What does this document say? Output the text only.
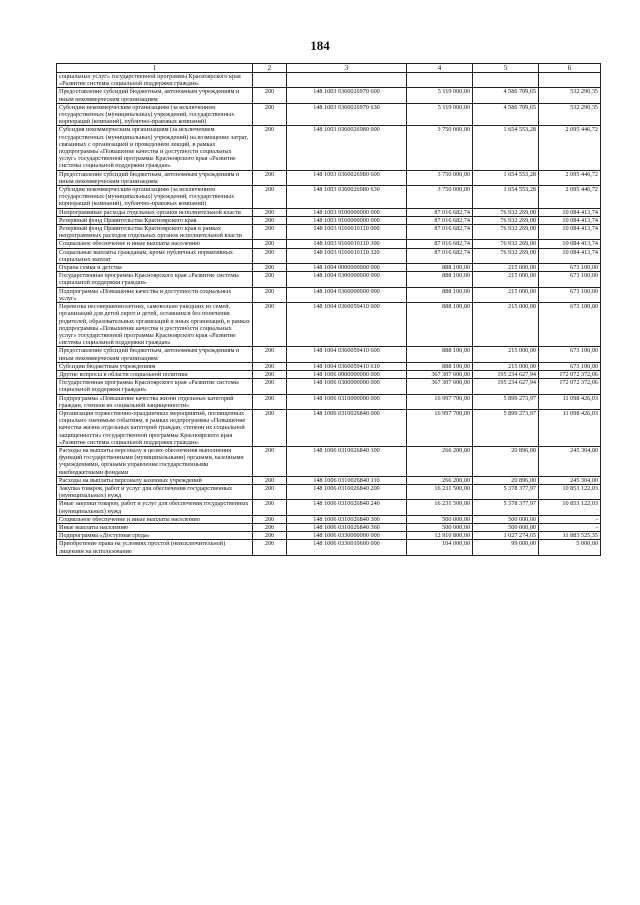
184
1	2	3	4	5	6
социальных услуг» государственной программы Красноярского края «Развитие системы социальной поддержки граждан»					
Предоставление субсидий бюджетным, автономным учреждениям и иным некоммерческим организациям	200	148 1003 0360026970 600	5 119 000,00	4 586 709,65	532 290,35
Субсидии некоммерческим организациям (за исключением государственных (муниципальных) учреждений, государственных корпораций (компаний), публично-правовых компаний)	200	148 1003 0360026970 630	5 119 000,00	4 586 709,65	532 290,35
Субсидия некоммерческим организациям (за исключением государственных (муниципальных) учреждений) на возмещение затрат, связанных с организацией и проведением лекций, в рамках подпрограммы «Повышение качества и доступности социальных услуг» государственной программы Красноярского края «Развитие системы социальной поддержки граждан»	200	148 1003 0360026980 000	3 750 000,00	1 654 553,28	2 095 446,72
Предоставление субсидий бюджетным, автономным учреждениям и иным некоммерческим организациям	200	148 1003 0360026980 600	3 750 000,00	1 654 553,28	2 095 446,72
Субсидии некоммерческим организациям (за исключением государственных (муниципальных) учреждений, государственных корпораций (компаний), публично-правовых компаний)	200	148 1003 0360026980 630	3 750 000,00	1 654 553,28	2 095 446,72
Непрограммные расходы отдельных органов исполнительной власти	200	148 1003 9100000000 000	87 016 682,74	76 932 269,00	10 084 413,74
Резервный фонд Правительства Красноярского края	200	148 1003 9160000000 000	87 016 682,74	76 932 269,00	10 084 413,74
Резервный фонд Правительства Красноярского края в рамках непрограммных расходов отдельных органов исполнительной власти	200	148 1003 9160010110 000	87 016 682,74	76 932 269,00	10 084 413,74
Социальное обеспечение и иные выплаты населению	200	148 1003 9160010110 300	87 016 682,74	76 932 269,00	10 084 413,74
Социальные выплаты гражданам, кроме публичных нормативных социальных выплат	200	148 1003 9160010110 320	87 016 682,74	76 932 269,00	10 084 413,74
Охрана семьи и детства	200	148 1004 0000000000 000	888 100,00	215 000,00	673 100,00
Государственная программа Красноярского края «Развитие системы социальной поддержки граждан»	200	148 1004 0300000000 000	888 100,00	215 000,00	673 100,00
Подпрограмма «Повышение качества и доступности социальных услуг»	200	148 1004 0360000000 000	888 100,00	215 000,00	673 100,00
Перевозка несовершеннолетних, самовольно ушедших из семей, организаций для детей сирот и детей, оставшихся без попечения родителей, образовательных организаций и иных организаций, в рамках подпрограммы «Повышение качества и доступности социальных услуг» государственной программы Красноярского края «Развитие системы социальной поддержки граждан»	200	148 1004 0360059410 000	888 100,00	215 000,00	673 100,00
Предоставление субсидий бюджетным, автономным учреждениям и иным некоммерческим организациям	200	148 1004 0360059410 600	888 100,00	215 000,00	673 100,00
Субсидии бюджетным учреждениям	200	148 1004 0360059410 610	888 100,00	215 000,00	673 100,00
Другие вопросы в области социальной политики	200	148 1006 0000000000 000	367 307 000,00	195 234 627,94	172 072 372,06
Государственная программа Красноярского края «Развитие системы социальной поддержки граждан»	200	148 1006 0300000000 000	367 307 000,00	195 234 627,94	172 072 372,06
Подпрограмма «Повышение качества жизни отдельных категорий граждан, степени их социальной защищенности»	200	148 1006 0310000000 000	16 997 700,00	5 899 273,97	11 098 426,03
Организация торжественно-праздничных мероприятий, посвященных социально значимым событиям, в рамках подпрограммы «Повышение качества жизни отдельных категорий граждан, степени их социальной защищенности» государственной программы Красноярского края «Развитие системы социальной поддержки граждан»	200	148 1006 0310026840 000	16 997 700,00	5 899 273,97	11 098 426,03
Расходы на выплаты персоналу в целях обеспечения выполнения функций государственными (муниципальными) органами, казенными учреждениями, органами управления государственными внебюджетными фондами	200	148 1006 0310026840 100	266 200,00	20 896,00	245 304,00
Расходы на выплаты персоналу казенных учреждений	200	148 1006 0310026840 110	266 200,00	20 896,00	245 304,00
Закупка товаров, работ и услуг для обеспечения государственных (муниципальных) нужд	200	148 1006 0310026840 200	16 231 500,00	5 378 377,97	10 853 122,03
Иные закупки товаров, работ и услуг для обеспечения государственных (муниципальных) нужд	200	148 1006 0310026840 240	16 231 500,00	5 378 377,97	10 853 122,03
Социальное обеспечение и иные выплаты населению	200	148 1006 0310026840 300	500 000,00	500 000,00	-
Иные выплаты населению	200	148 1006 0310026840 360	500 000,00	500 000,00	-
Подпрограмма «Доступная среда»	200	148 1006 0330000000 000	12 910 800,00	1 027 274,65	11 883 525,35
Приобретение права на условиях простой (неисключительной) лицензии на использование	200	148 1006 0330010600 000	104 000,00	99 000,00	5 000,00
